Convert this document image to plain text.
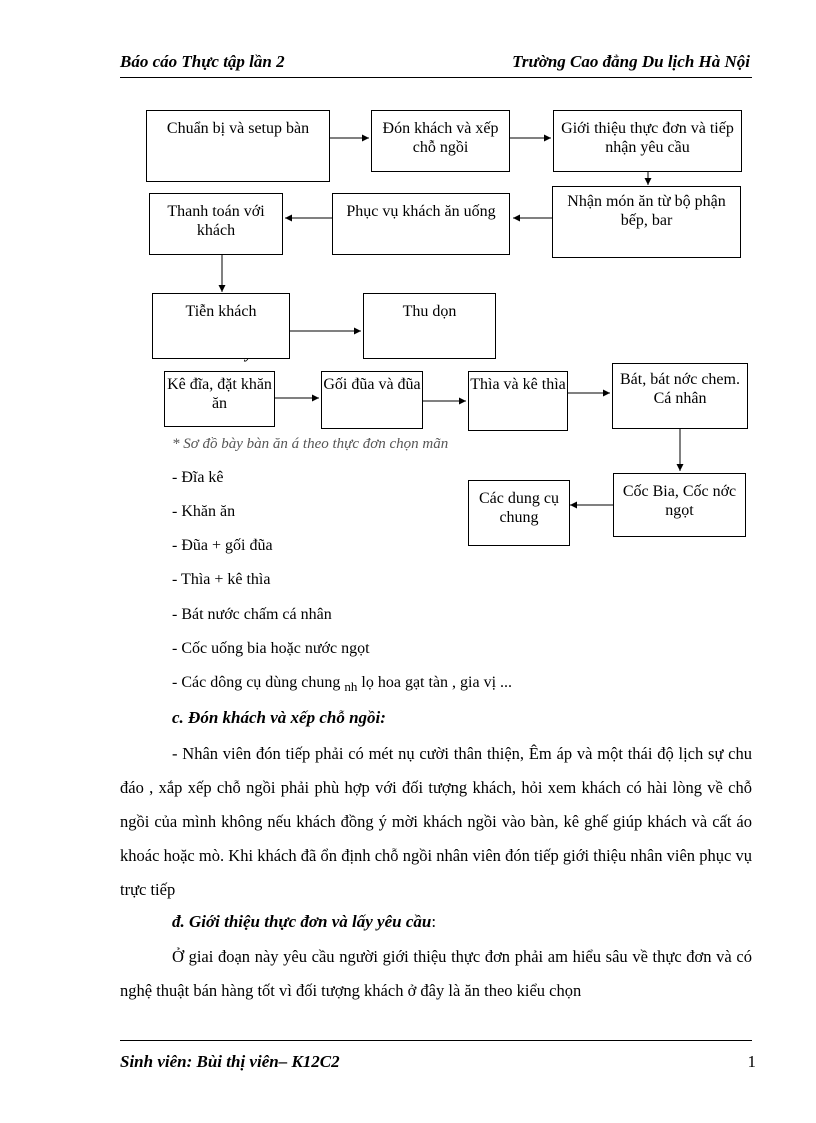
Báo cáo Thực tập lần 2	Trường Cao đẳng Du lịch Hà Nội
* Sơ đồ bày bàn ăn á theo thực đơn chọn mãn
Chuẩn bị và setup bàn	Đón khách và xếp chỗ ngồi
Giới thiệu thực đơn và tiếp nhận yêu cầu
Nhận món ăn từ bộ phận bếp, bar
Phục vụ khách ăn uống
Thanh toán với khách
Tiễn khách	Thu dọn
Kê đĩa, đặt khăn ăn
Gối đũa và đũa	Thìa và kê thìa	Bát, bát nớc chem. Cá nhân
Cốc Bia, Cốc nớc ngọt
Các dung cụ chung
- Đĩa kê
- Khăn ăn
- Đũa + gối đũa
- Thìa + kê thìa
- Bát nước chấm cá nhân
- Cốc uống bia hoặc nước ngọt
- Các dông cụ dùng chung $_{nh}$ lọ hoa gạt tàn , gia vị ...
c. Đón khách và xếp chỗ ngồi:
- Nhân viên đón tiếp phải có mét nụ cười thân thiện, Êm áp và một thái độ lịch sự chu đáo , xắp xếp chỗ ngồi phải phù hợp với đối tượng khách, hỏi xem khách có hài lòng về chỗ ngồi của mình không nếu khách đồng ý mời khách ngồi vào bàn, kê ghế giúp khách và cất áo khoác hoặc mò. Khi khách đã ổn định chỗ ngồi nhân viên đón tiếp giới thiệu nhân viên phục vụ trực tiếp
đ. Giới thiệu thực đơn và lấy yêu cầu:
Ở giai đoạn này yêu cầu người giới thiệu thực đơn phải am hiểu sâu về thực đơn và có nghệ thuật bán hàng tốt vì đối tượng khách ở đây là ăn theo kiểu chọn
Sinh viên: Bùi thị viên– K12C2	1
